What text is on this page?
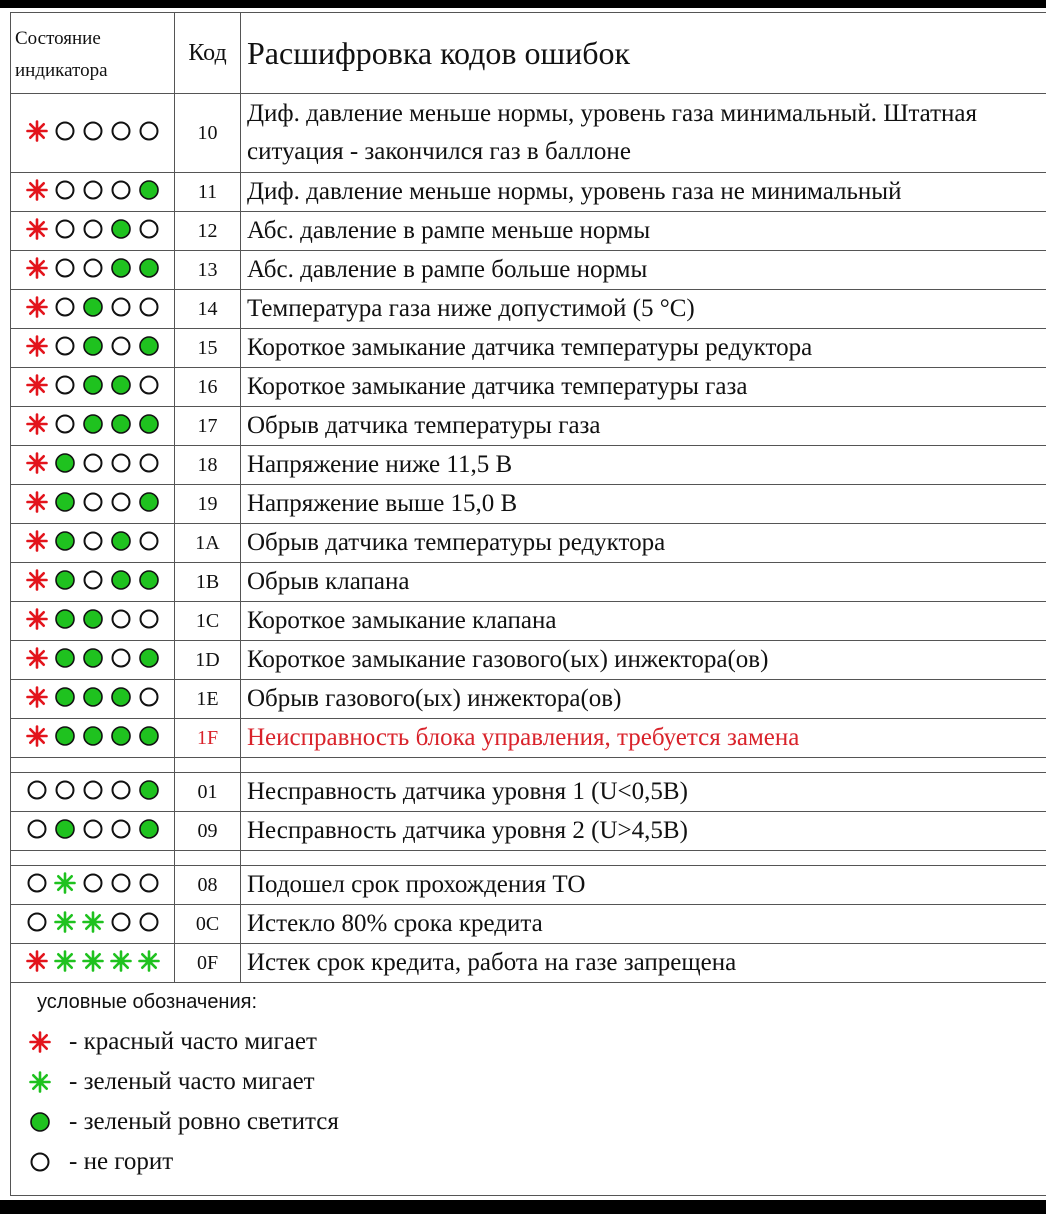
Состояние индикатора	Код	Расшифровка кодов ошибок

	10	Диф. давление меньше нормы, уровень газа минимальный. Штатная ситуация - закончился газ в баллоне

	11	Диф. давление меньше нормы, уровень газа не минимальный

	12	Абс. давление в рампе меньше нормы

	13	Абс. давление в рампе больше нормы

	14	Температура газа ниже допустимой (5 °C)

	15	Короткое замыкание датчика температуры редуктора

	16	Короткое замыкание датчика температуры газа

	17	Обрыв датчика температуры газа

	18	Напряжение ниже 11,5 В

	19	Напряжение выше 15,0 В

	1A	Обрыв датчика температуры редуктора

	1B	Обрыв клапана

	1C	Короткое замыкание клапана

	1D	Короткое замыкание газового(ых) инжектора(ов)

	1E	Обрыв газового(ых) инжектора(ов)

	1F	Неисправность блока управления, требуется замена

	01	Несправность датчика уровня 1 (U<0,5В)

	09	Несправность датчика уровня 2 (U>4,5В)

	08	Подошел срок прохождения ТО

	0C	Истекло 80% срока кредита

	0F	Истек срок кредита, работа на газе запрещена

условные обозначения:
- красный часто мигает
- зеленый часто мигает
- зеленый ровно светится
- не горит		
